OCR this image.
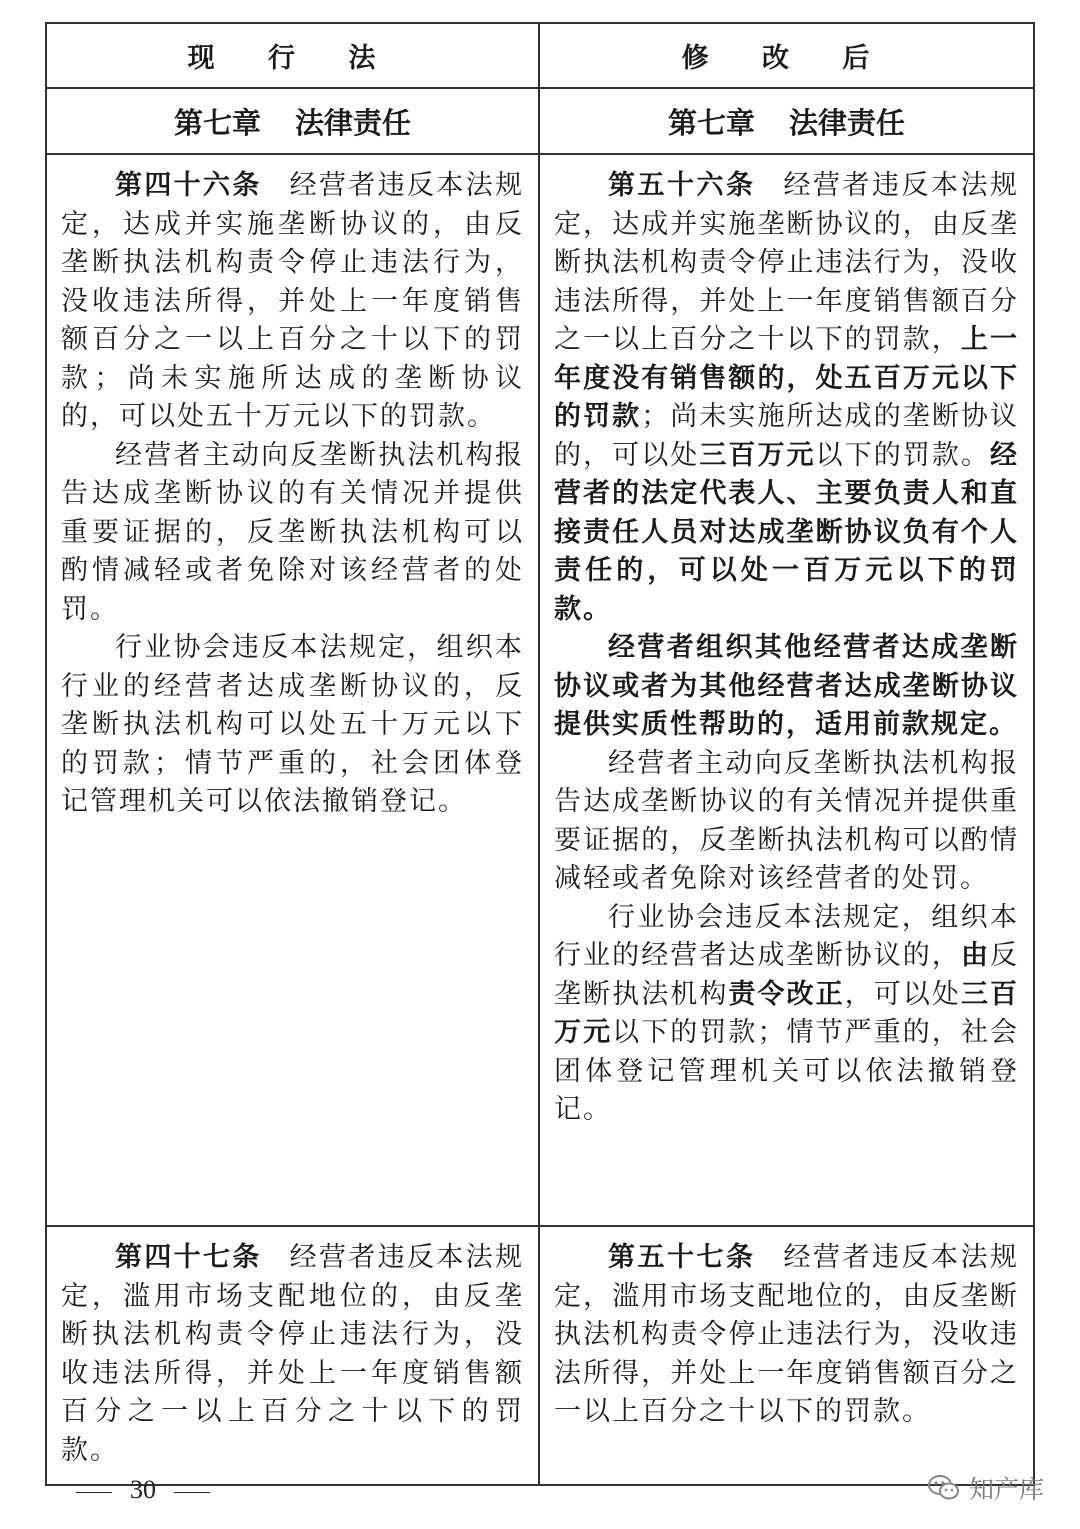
现 行 法	修 改 后
第七章 法律责任	第七章 法律责任

第四十六条 经营者违反本法规定，达成并实施垄断协议的，由反垄断执法机构责令停止违法行为，没收违法所得，并处上一年度销售额百分之一以上百分之十以下的罚款；尚未实施所达成的垄断协议的，可以处五十万元以下的罚款。

经营者主动向反垄断执法机构报告达成垄断协议的有关情况并提供重要证据的，反垄断执法机构可以酌情减轻或者免除对该经营者的处罚。

行业协会违反本法规定，组织本行业的经营者达成垄断协议的，反垄断执法机构可以处五十万元以下的罚款；情节严重的，社会团体登记管理机关可以依法撤销登记。

第五十六条 经营者违反本法规定，达成并实施垄断协议的，由反垄断执法机构责令停止违法行为，没收违法所得，并处上一年度销售额百分之一以上百分之十以下的罚款，上一年度没有销售额的，处五百万元以下的罚款；尚未实施所达成的垄断协议的，可以处三百万元以下的罚款。经营者的法定代表人、主要负责人和直接责任人员对达成垄断协议负有个人责任的，可以处一百万元以下的罚款。

经营者组织其他经营者达成垄断协议或者为其他经营者达成垄断协议提供实质性帮助的，适用前款规定。

经营者主动向反垄断执法机构报告达成垄断协议的有关情况并提供重要证据的，反垄断执法机构可以酌情减轻或者免除对该经营者的处罚。

行业协会违反本法规定，组织本行业的经营者达成垄断协议的，由反垄断执法机构责令改正，可以处三百万元以下的罚款；情节严重的，社会团体登记管理机关可以依法撤销登记。

第四十七条 经营者违反本法规定，滥用市场支配地位的，由反垄断执法机构责令停止违法行为，没收违法所得，并处上一年度销售额百分之一以上百分之十以下的罚款。

第五十七条 经营者违反本法规定，滥用市场支配地位的，由反垄断执法机构责令停止违法行为，没收违法所得，并处上一年度销售额百分之一以上百分之十以下的罚款。

30	知产库
